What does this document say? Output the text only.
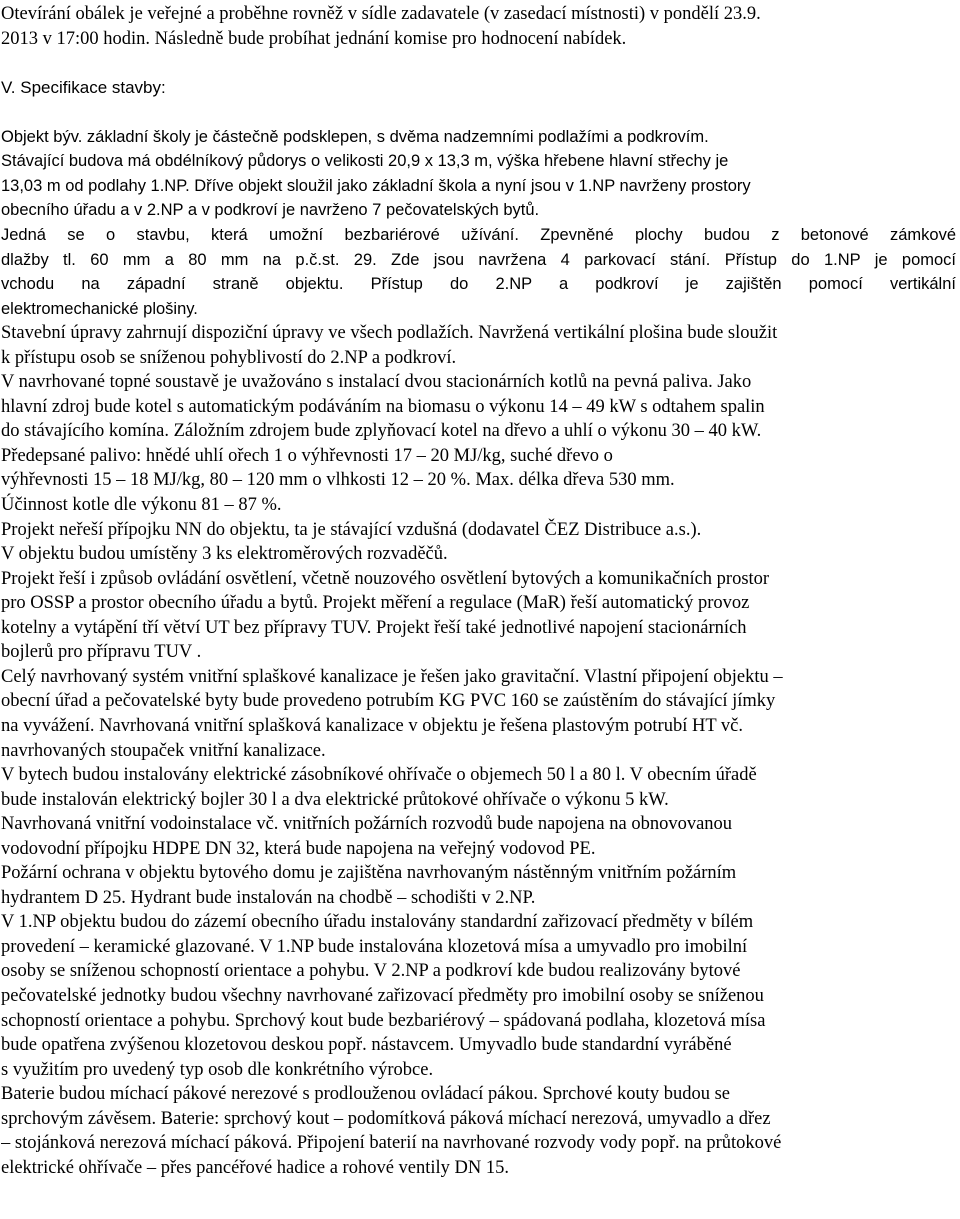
Otevírání obálek je veřejné a proběhne rovněž v sídle zadavatele (v zasedací místnosti) v pondělí 23.9.
2013 v 17:00 hodin. Následně bude probíhat jednání komise pro hodnocení nabídek.
V. Specifikace stavby:
Objekt býv. základní školy je částečně podsklepen, s dvěma nadzemními podlažími a podkrovím.
Stávající budova má obdélníkový půdorys o velikosti 20,9 x 13,3 m, výška hřebene hlavní střechy je
13,03 m od podlahy 1.NP. Dříve objekt sloužil jako základní škola a nyní jsou v 1.NP navrženy prostory
obecního úřadu a v 2.NP a v podkroví je navrženo 7 pečovatelských bytů.
Jedná se o stavbu, která umožní bezbariérové užívání. Zpevněné plochy budou z betonové zámkové
dlažby tl. 60 mm a 80 mm na p.č.st. 29. Zde jsou navržena 4 parkovací stání. Přístup do 1.NP je pomocí
vchodu na západní straně objektu. Přístup do 2.NP a podkroví je zajištěn pomocí vertikální
elektromechanické plošiny.
Stavební úpravy zahrnují dispoziční úpravy ve všech podlažích. Navržená vertikální plošina bude sloužit
k přístupu osob se sníženou pohyblivostí do 2.NP a podkroví.
V navrhované topné soustavě je uvažováno s instalací dvou stacionárních kotlů na pevná paliva. Jako
hlavní zdroj bude kotel s automatickým podáváním na biomasu o výkonu 14 – 49 kW s odtahem spalin
do stávajícího komína. Záložním zdrojem bude zplyňovací kotel na dřevo a uhlí o výkonu 30 – 40 kW.
Předepsané palivo: hnědé uhlí ořech 1 o výhřevnosti 17 – 20 MJ/kg, suché dřevo o
výhřevnosti 15 – 18 MJ/kg, 80 – 120 mm o vlhkosti 12 – 20 %. Max. délka dřeva 530 mm.
Účinnost kotle dle výkonu 81 – 87 %.
Projekt neřeší přípojku NN do objektu, ta je stávající vzdušná (dodavatel ČEZ Distribuce a.s.).
V objektu budou umístěny 3 ks elektroměrových rozvaděčů.
Projekt řeší i způsob ovládání osvětlení, včetně nouzového osvětlení bytových a komunikačních prostor
pro OSSP a prostor obecního úřadu a bytů. Projekt měření a regulace (MaR) řeší automatický provoz
kotelny a vytápění tří větví UT bez přípravy TUV. Projekt řeší také jednotlivé napojení stacionárních
bojlerů pro přípravu TUV .
Celý navrhovaný systém vnitřní splaškové kanalizace je řešen jako gravitační. Vlastní připojení objektu –
obecní úřad a pečovatelské byty bude provedeno potrubím KG PVC 160 se zaústěním do stávající jímky
na vyvážení. Navrhovaná vnitřní splašková kanalizace v objektu je řešena plastovým potrubí HT vč.
navrhovaných stoupaček vnitřní kanalizace.
V bytech budou instalovány elektrické zásobníkové ohřívače o objemech 50 l a 80 l. V obecním úřadě
bude instalován elektrický bojler 30 l a dva elektrické průtokové ohřívače o výkonu 5 kW.
Navrhovaná vnitřní vodoinstalace vč. vnitřních požárních rozvodů bude napojena na obnovovanou
vodovodní přípojku HDPE DN 32, která bude napojena na veřejný vodovod PE.
Požární ochrana v objektu bytového domu je zajištěna navrhovaným nástěnným vnitřním požárním
hydrantem D 25. Hydrant bude instalován na chodbě – schodišti v 2.NP.
V 1.NP objektu budou do zázemí obecního úřadu instalovány standardní zařizovací předměty v bílém
provedení – keramické glazované. V 1.NP bude instalována klozetová mísa a umyvadlo pro imobilní
osoby se sníženou schopností orientace a pohybu. V 2.NP a podkroví kde budou realizovány bytové
pečovatelské jednotky budou všechny navrhované zařizovací předměty pro imobilní osoby se sníženou
schopností orientace a pohybu. Sprchový kout bude bezbariérový – spádovaná podlaha, klozetová mísa
bude opatřena zvýšenou klozetovou deskou popř. nástavcem. Umyvadlo bude standardní vyráběné
s využitím pro uvedený typ osob dle konkrétního výrobce.
Baterie budou míchací pákové nerezové s prodlouženou ovládací pákou. Sprchové kouty budou se
sprchovým závěsem. Baterie: sprchový kout – podomítková páková míchací nerezová, umyvadlo a dřez
– stojánková nerezová míchací páková. Připojení baterií na navrhované rozvody vody popř. na průtokové
elektrické ohřívače – přes pancéřové hadice a rohové ventily DN 15.
